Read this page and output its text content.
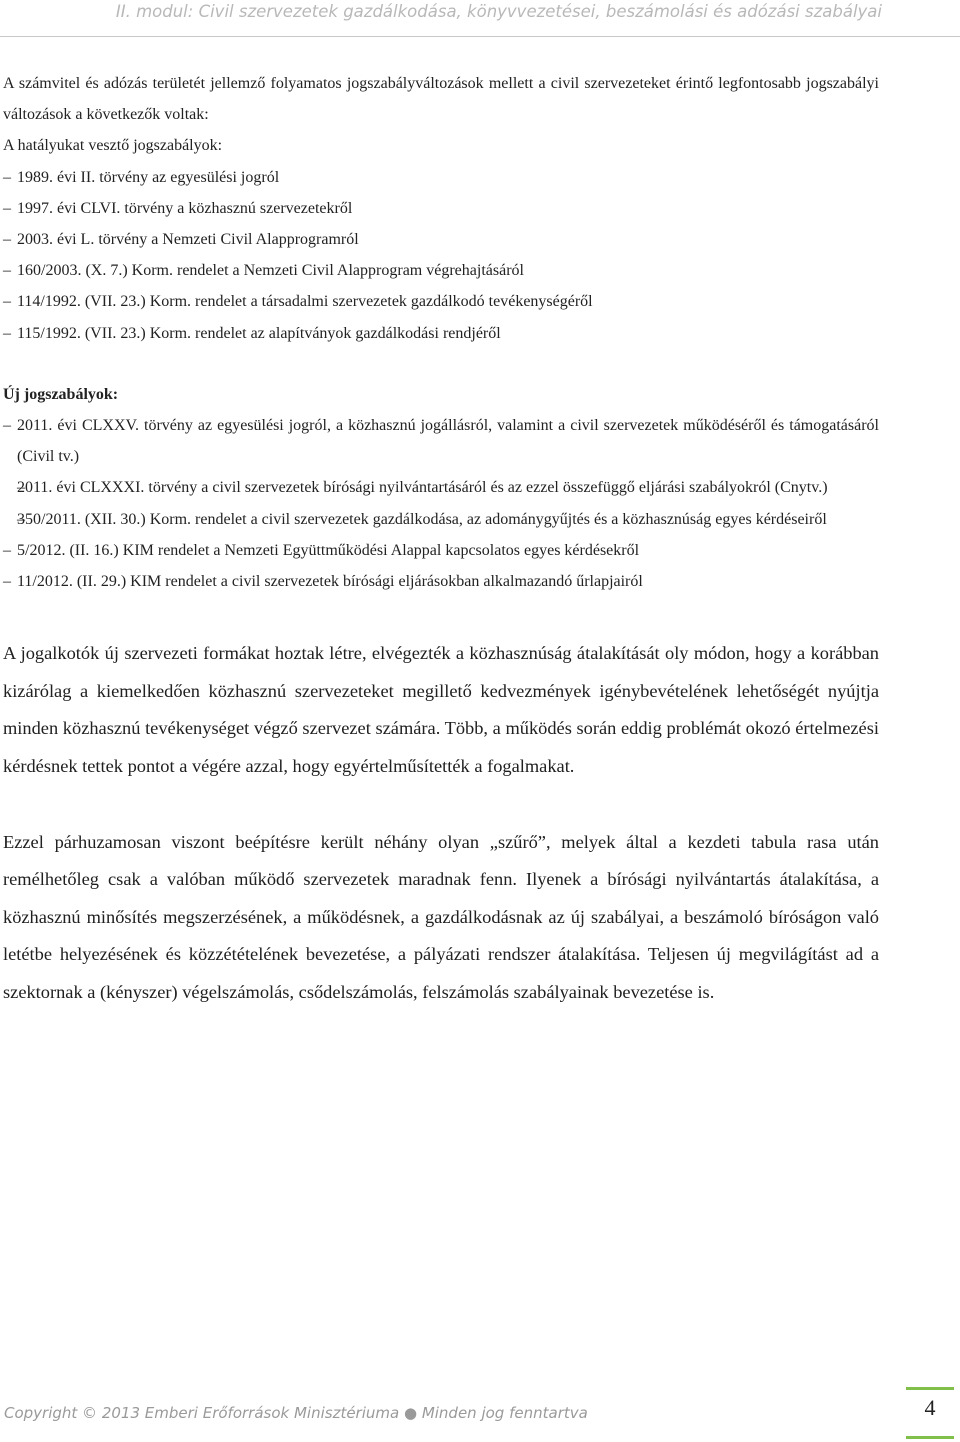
II. modul: Civil szervezetek gazdálkodása, könyvvezetései, beszámolási és adózási szabályai

A számvitel és adózás területét jellemző folyamatos jogszabályváltozások mellett a civil szervezeteket érintő legfontosabb jogszabályi változások a következők voltak:

A hatályukat vesztő jogszabályok:

– 1989. évi II. törvény az egyesülési jogról
– 1997. évi CLVI. törvény a közhasznú szervezetekről
– 2003. évi L. törvény a Nemzeti Civil Alapprogramról
– 160/2003. (X. 7.) Korm. rendelet a Nemzeti Civil Alapprogram végrehajtásáról
– 114/1992. (VII. 23.) Korm. rendelet a társadalmi szervezetek gazdálkodó tevékenységéről
– 115/1992. (VII. 23.) Korm. rendelet az alapítványok gazdálkodási rendjéről

Új jogszabályok:

– 2011. évi CLXXV. törvény az egyesülési jogról, a közhasznú jogállásról, valamint a civil szervezetek működéséről és támogatásáról (Civil tv.)
– 2011. évi CLXXXI. törvény a civil szervezetek bírósági nyilvántartásáról és az ezzel összefüggő eljárási szabályokról (Cnytv.)
– 350/2011. (XII. 30.) Korm. rendelet a civil szervezetek gazdálkodása, az adománygyűjtés és a közhasznúság egyes kérdéseiről
– 5/2012. (II. 16.) KIM rendelet a Nemzeti Együttműködési Alappal kapcsolatos egyes kérdésekről
– 11/2012. (II. 29.) KIM rendelet a civil szervezetek bírósági eljárásokban alkalmazandó űrlapjairól

A jogalkotók új szervezeti formákat hoztak létre, elvégezték a közhasznúság átalakítását oly módon, hogy a korábban kizárólag a kiemelkedően közhasznú szervezeteket megillető kedvezmények igénybevételének lehetőségét nyújtja minden közhasznú tevékenységet végző szervezet számára. Több, a működés során eddig problémát okozó értelmezési kérdésnek tettek pontot a végére azzal, hogy egyértelműsítették a fogalmakat.

Ezzel párhuzamosan viszont beépítésre került néhány olyan „szűrő”, melyek által a kezdeti tabula rasa után remélhetőleg csak a valóban működő szervezetek maradnak fenn. Ilyenek a bírósági nyilvántartás átalakítása, a közhasznú minősítés megszerzésének, a működésnek, a gazdálkodásnak az új szabályai, a beszámoló bíróságon való letétbe helyezésének és közzétételének bevezetése, a pályázati rendszer átalakítása. Teljesen új megvilágítást ad a szektornak a (kényszer) végelszámolás, csődelszámolás, felszámolás szabályainak bevezetése is.

Copyright © 2013 Emberi Erőforrások Minisztériuma ● Minden jog fenntartva	4
